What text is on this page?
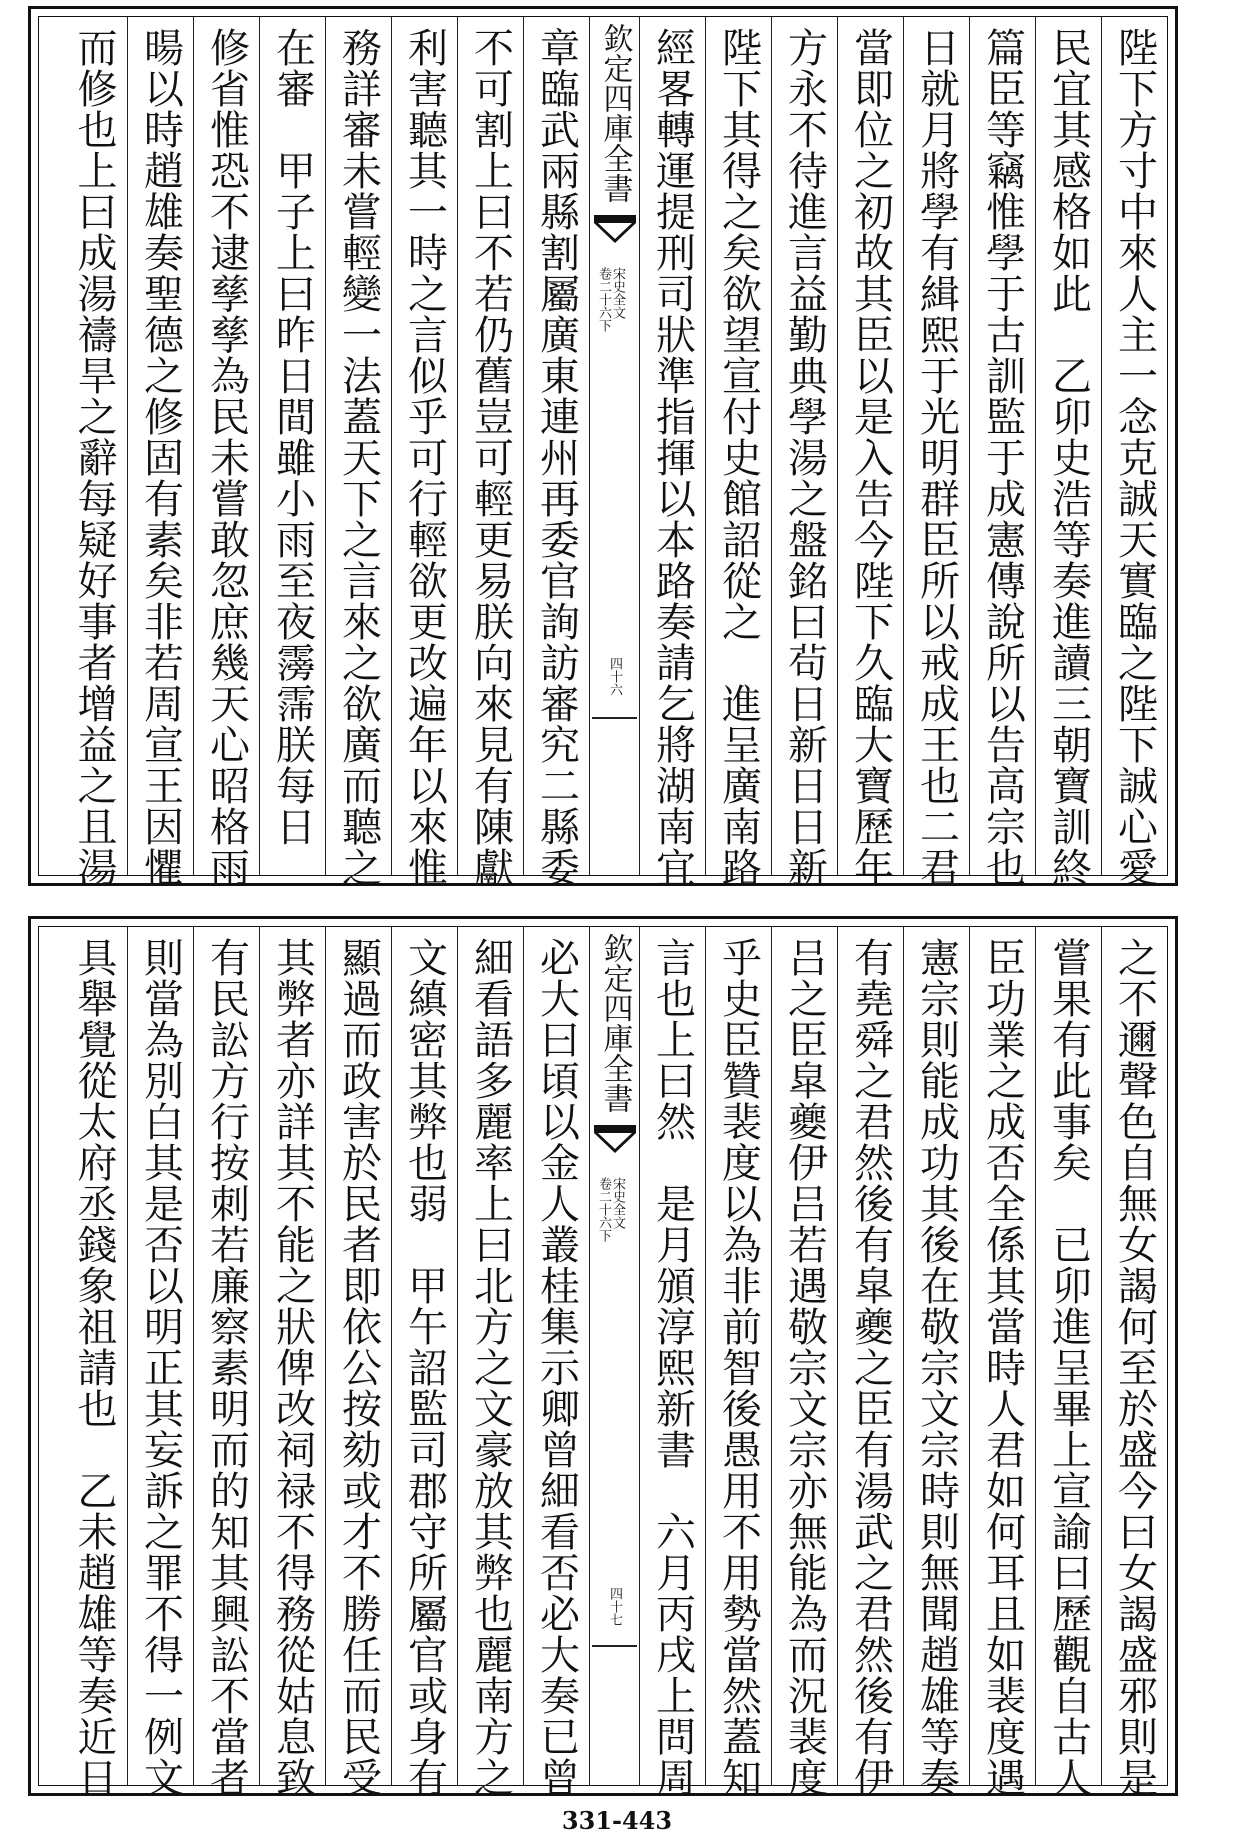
陛下方寸中來人主一念克誠天實臨之陛下誠心愛
民宜其感格如此　乙卯史浩等奏進讀三朝寶訓終
篇臣等竊惟學于古訓監于成憲傳說所以告高宗也
日就月將學有緝熙于光明群臣所以戒成王也二君
當即位之初故其臣以是入告今陛下久臨大寶歷年
方永不待進言益勤典學湯之盤銘曰茍日新日日新
陛下其得之矣欲望宣付史館詔從之　進呈廣南路
經畧轉運提刑司狀準指揮以本路奏請乞將湖南宜
欽定四庫全書
宋史全文
卷二十六下
四十六
章臨武兩縣割屬廣東連州再委官詢訪審究二縣委
不可割上曰不若仍舊豈可輕更易朕向來見有陳獻
利害聽其一時之言似乎可行輕欲更改遍年以來惟
務詳審未嘗輕變一法蓋天下之言來之欲廣而聽之
在審　甲子上曰昨日間雖小雨至夜霶霈朕每日
修省惟恐不逮孳孳為民未嘗敢忽庶幾天心昭格雨
暘以時趙雄奏聖德之修固有素矣非若周宣王因懼
而修也上曰成湯禱旱之辭每疑好事者增益之且湯
之不邇聲色自無女謁何至於盛今曰女謁盛邪則是
嘗果有此事矣　已卯進呈畢上宣諭曰歷觀自古人
臣功業之成否全係其當時人君如何耳且如裴度遇
憲宗則能成功其後在敬宗文宗時則無聞趙雄等奏
有堯舜之君然後有皐夔之臣有湯武之君然後有伊
吕之臣皐夔伊吕若遇敬宗文宗亦無能為而況裴度
乎史臣贊裴度以為非前智後愚用不用勢當然蓋知
言也上曰然　是月頒淳熙新書　六月丙戌上問周
欽定四庫全書
宋史全文
卷二十六下
四十七
必大曰頃以金人叢桂集示卿曾細看否必大奏已曾
細看語多麗率上曰北方之文豪放其弊也麗南方之
文縝密其弊也弱　甲午詔監司郡守所屬官或身有
顯過而政害於民者即依公按劾或才不勝任而民受
其弊者亦詳其不能之狀俾改祠禄不得務從姑息致
有民訟方行按刺若廉察素明而的知其興訟不當者
則當為別白其是否以明正其妄訴之罪不得一例文
具舉覺從太府丞錢象祖請也　乙未趙雄等奏近日
331-443
